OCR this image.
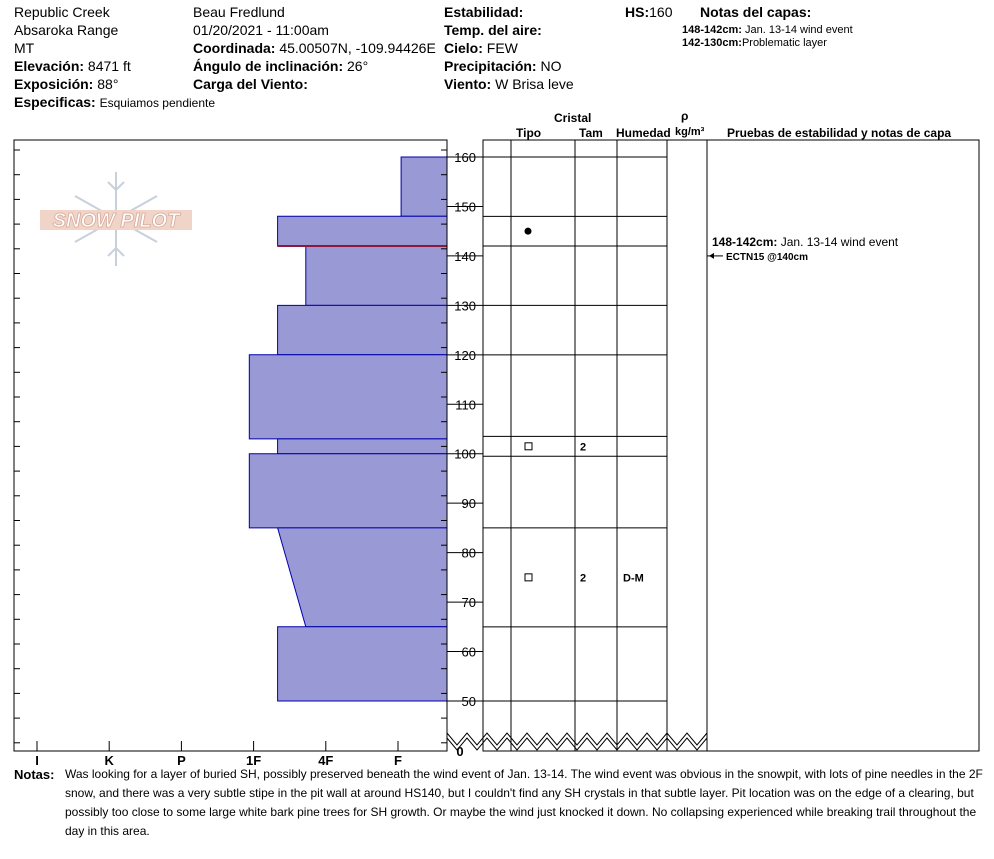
Republic Creek
Absaroka Range
MT
Elevación: 8471 ft
Exposición: 88°
Especificas: Esquiamos pendiente
Beau Fredlund
01/20/2021 - 11:00am
Coordinada: 45.00507N, -109.94426E
Ángulo de inclinación: 26°
Carga del Viento:
Estabilidad:
Temp. del aire:
Cielo: FEW
Precipitación: NO
Viento: W Brisa leve
HS:160 Notas del capas:
148-142cm: Jan. 13-14 wind event
142-130cm:Problematic layer
Cristal
Tipo	Tam Humedad
ρ
kg/m³ Pruebas de estabilidad y notas de capa
SNOW PILOT
I	K	P	1F	4F	F
50
60
70
80
90
100
110
120
130
140
150
160
0
2
2	D-M
148-142cm: Jan. 13-14 wind event
ECTN15 @140cm
Notas: Was looking for a layer of buried SH, possibly preserved beneath the wind event of Jan. 13-14. The wind event was obvious in the snowpit, with lots of pine needles in the 2F snow, and there was a very subtle stipe in the pit wall at around HS140, but I couldn't find any SH crystals in that subtle layer. Pit location was on the edge of a clearing, but possibly too close to some large white bark pine trees for SH growth. Or maybe the wind just knocked it down. No collapsing experienced while breaking trail throughout the day in this area.
